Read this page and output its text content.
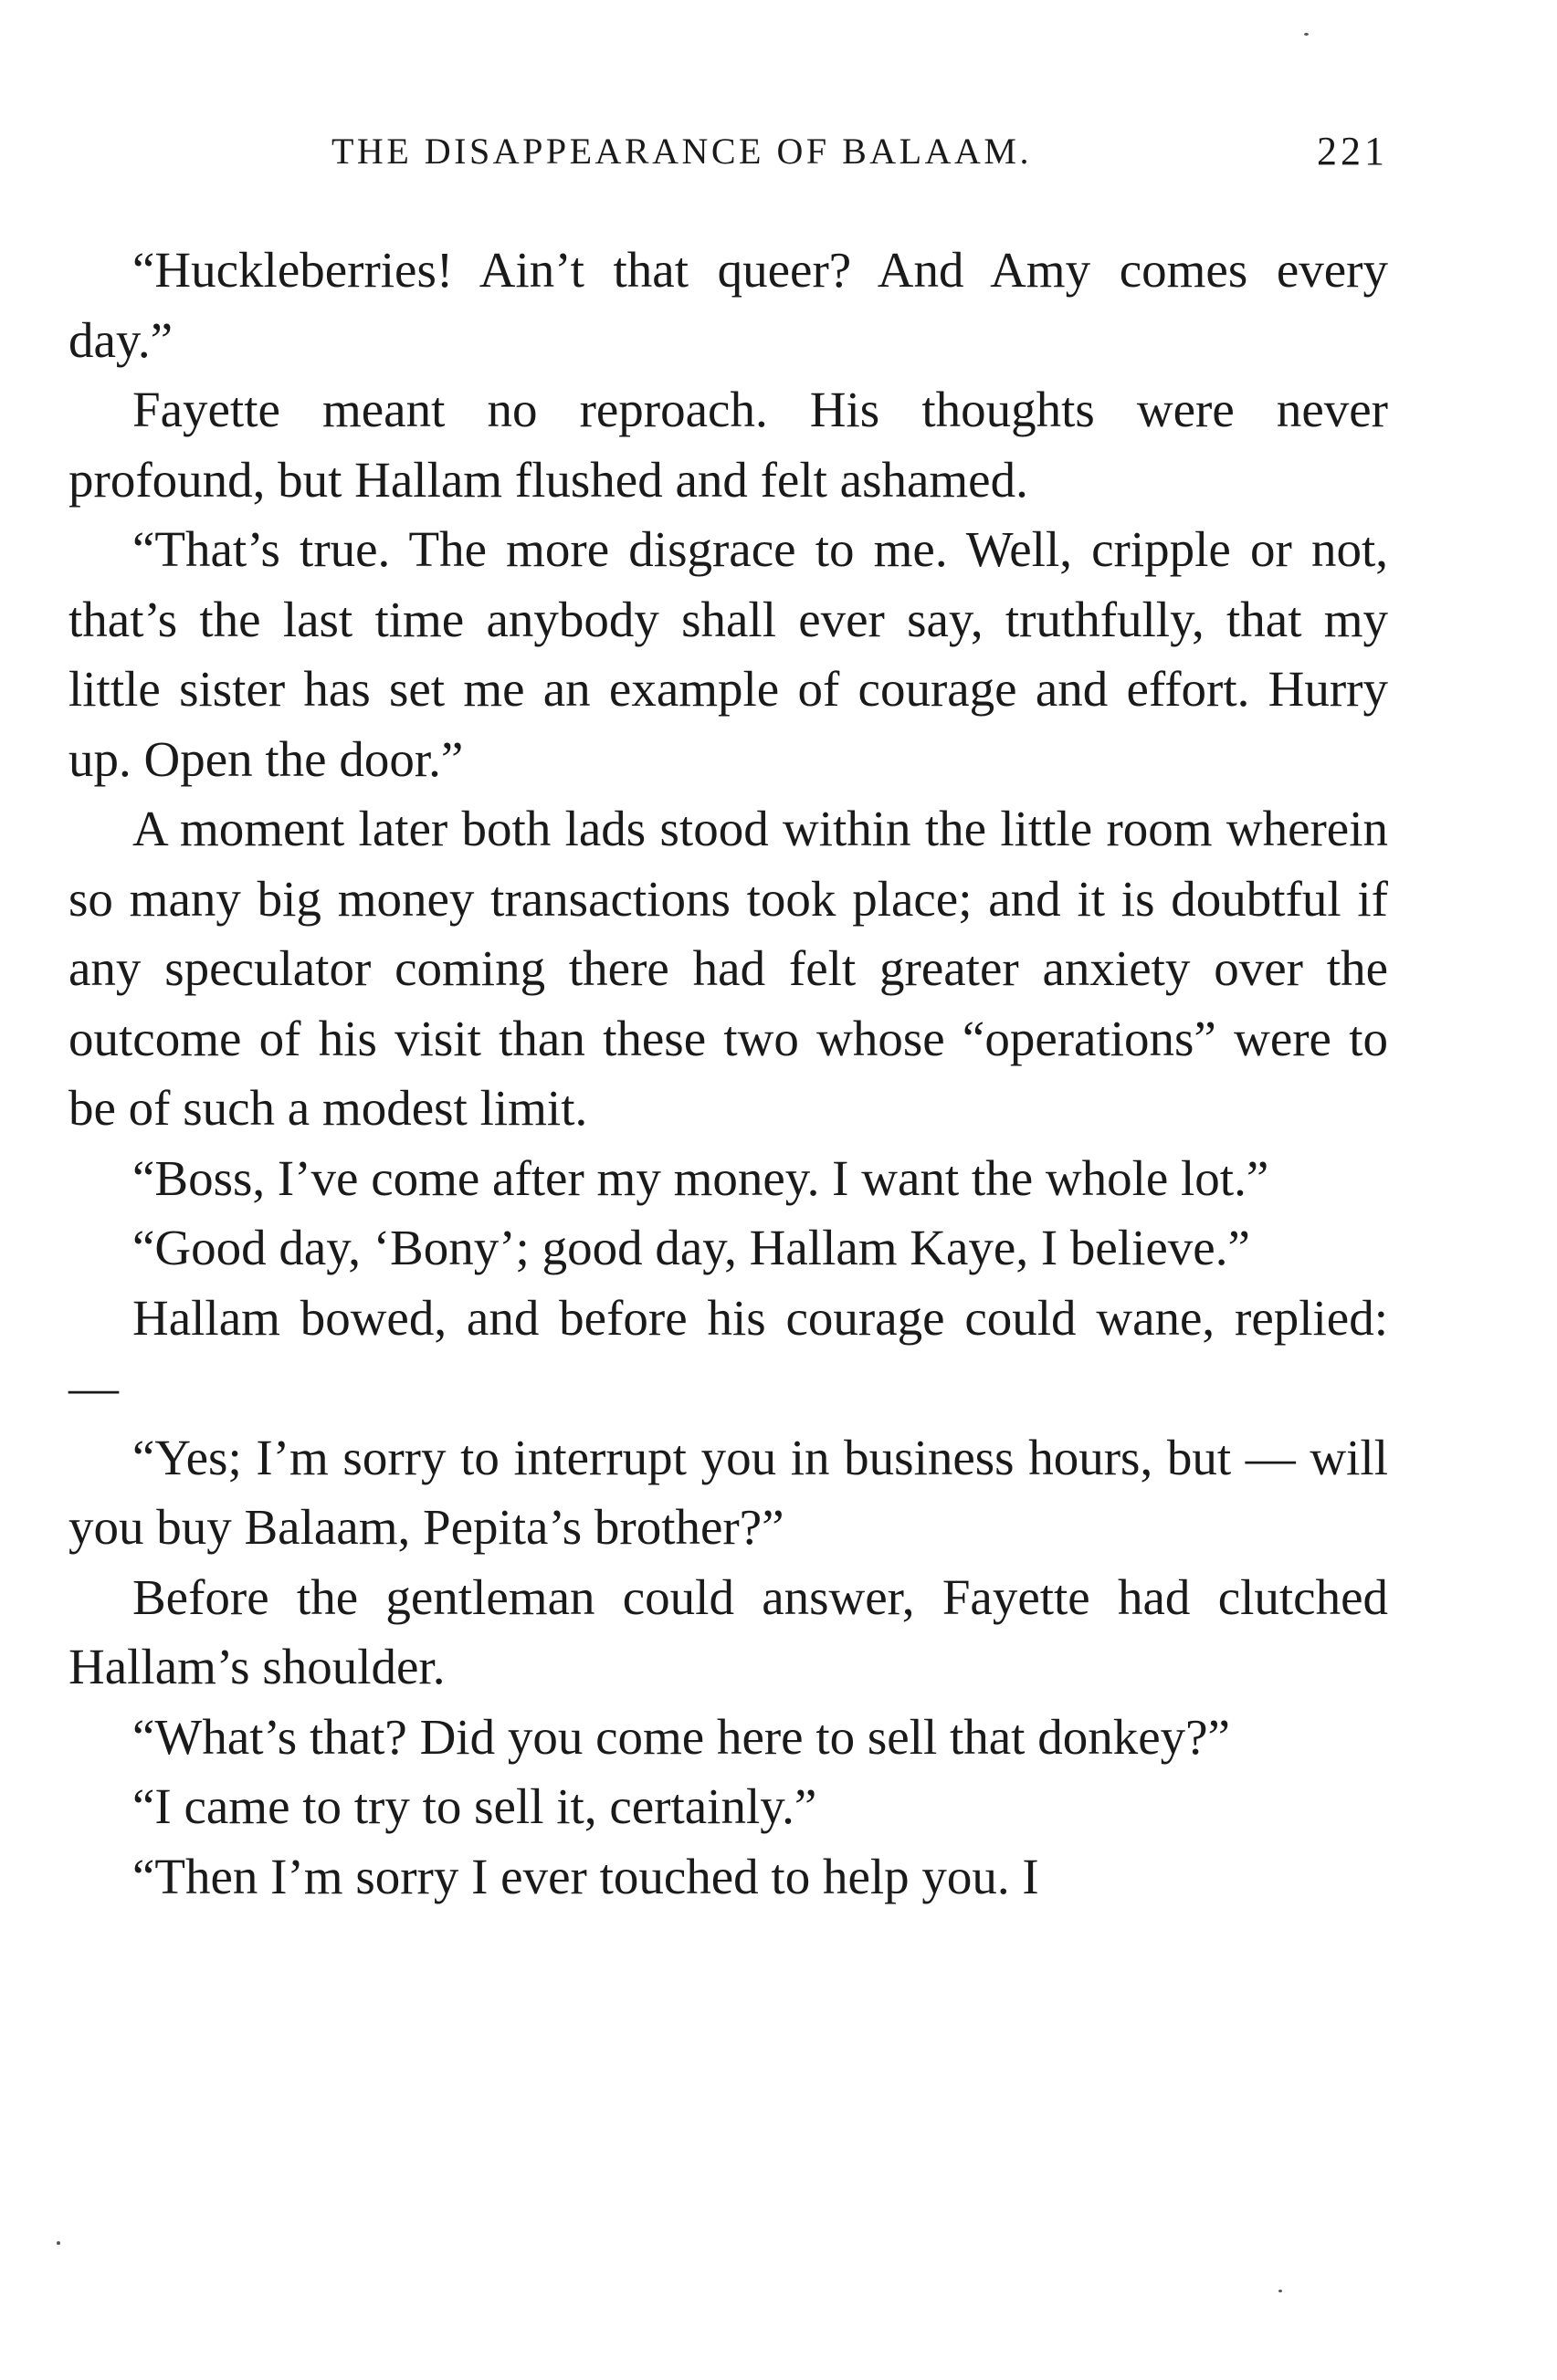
THE DISAPPEARANCE OF BALAAM.	221

“Huckleberries! Ain’t that queer? And Amy comes every day.”

Fayette meant no reproach. His thoughts were never profound, but Hallam flushed and felt ashamed.

“That’s true. The more disgrace to me. Well, cripple or not, that’s the last time anybody shall ever say, truthfully, that my little sister has set me an example of courage and effort. Hurry up. Open the door.”

A moment later both lads stood within the little room wherein so many big money transactions took place; and it is doubtful if any speculator coming there had felt greater anxiety over the outcome of his visit than these two whose “operations” were to be of such a modest limit.

“Boss, I’ve come after my money. I want the whole lot.”

“Good day, ‘Bony’; good day, Hallam Kaye, I believe.”

Hallam bowed, and before his courage could wane, replied: —

“Yes; I’m sorry to interrupt you in business hours, but — will you buy Balaam, Pepita’s brother?”

Before the gentleman could answer, Fayette had clutched Hallam’s shoulder.

“What’s that? Did you come here to sell that donkey?”

“I came to try to sell it, certainly.”

“Then I’m sorry I ever touched to help you. I
